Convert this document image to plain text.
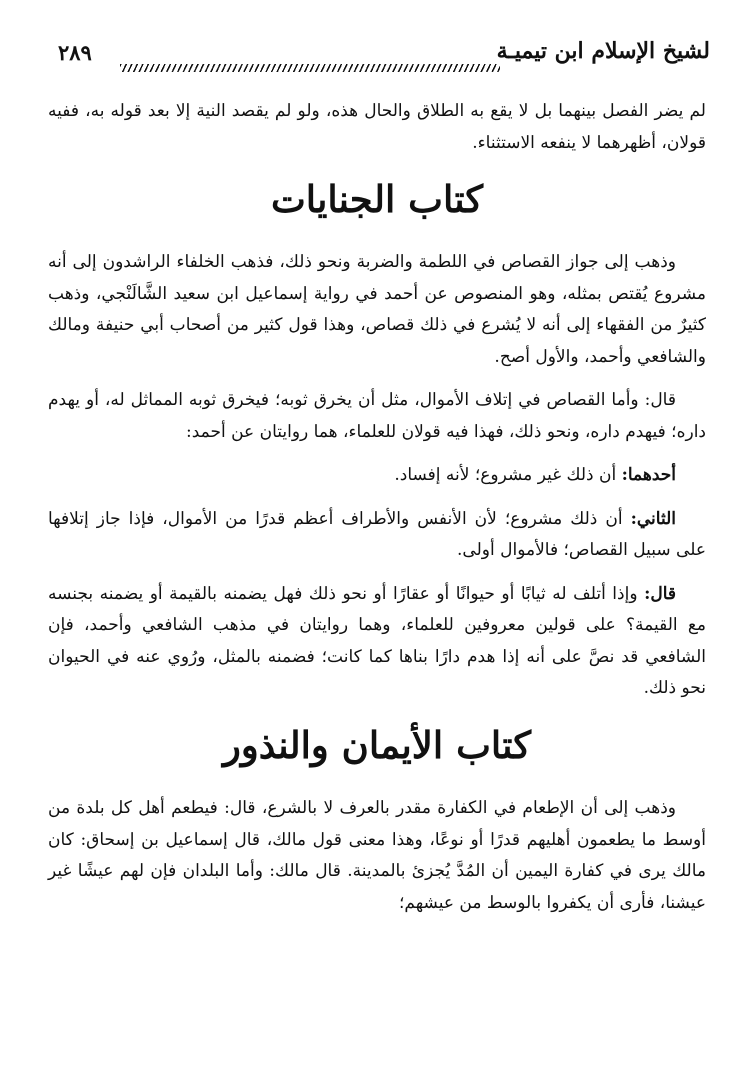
٢٨٩	لشيخ الإسلام ابن تيميـة

لم يضر الفصل بينهما بل لا يقع به الطلاق والحال هذه، ولو لم يقصد النية إلا بعد قوله به، ففيه قولان، أظهرهما لا ينفعه الاستثناء.

كتاب الجنايات

وذهب إلى جواز القصاص في اللطمة والضربة ونحو ذلك، فذهب الخلفاء الراشدون إلى أنه مشروع يُقتص بمثله، وهو المنصوص عن أحمد في رواية إسماعيل ابن سعيد الشَّالَنْجي، وذهب كثيرٌ من الفقهاء إلى أنه لا يُشرع في ذلك قصاص، وهذا قول كثير من أصحاب أبي حنيفة ومالك والشافعي وأحمد، والأول أصح.

قال: وأما القصاص في إتلاف الأموال، مثل أن يخرق ثوبه؛ فيخرق ثوبه المماثل له، أو يهدم داره؛ فيهدم داره، ونحو ذلك، فهذا فيه قولان للعلماء، هما روايتان عن أحمد:

أحدهما: أن ذلك غير مشروع؛ لأنه إفساد.

الثاني: أن ذلك مشروع؛ لأن الأنفس والأطراف أعظم قدرًا من الأموال، فإذا جاز إتلافها على سبيل القصاص؛ فالأموال أولى.

قال: وإذا أتلف له ثيابًا أو حيوانًا أو عقارًا أو نحو ذلك فهل يضمنه بالقيمة أو يضمنه بجنسه مع القيمة؟ على قولين معروفين للعلماء، وهما روايتان في مذهب الشافعي وأحمد، فإن الشافعي قد نصَّ على أنه إذا هدم دارًا بناها كما كانت؛ فضمنه بالمثل، ورُوي عنه في الحيوان نحو ذلك.

كتاب الأيمان والنذور

وذهب إلى أن الإطعام في الكفارة مقدر بالعرف لا بالشرع، قال: فيطعم أهل كل بلدة من أوسط ما يطعمون أهليهم قدرًا أو نوعًا، وهذا معنى قول مالك، قال إسماعيل بن إسحاق: كان مالك يرى في كفارة اليمين أن المُدَّ يُجزئ بالمدينة. قال مالك: وأما البلدان فإن لهم عيشًا غير عيشنا، فأرى أن يكفروا بالوسط من عيشهم؛
